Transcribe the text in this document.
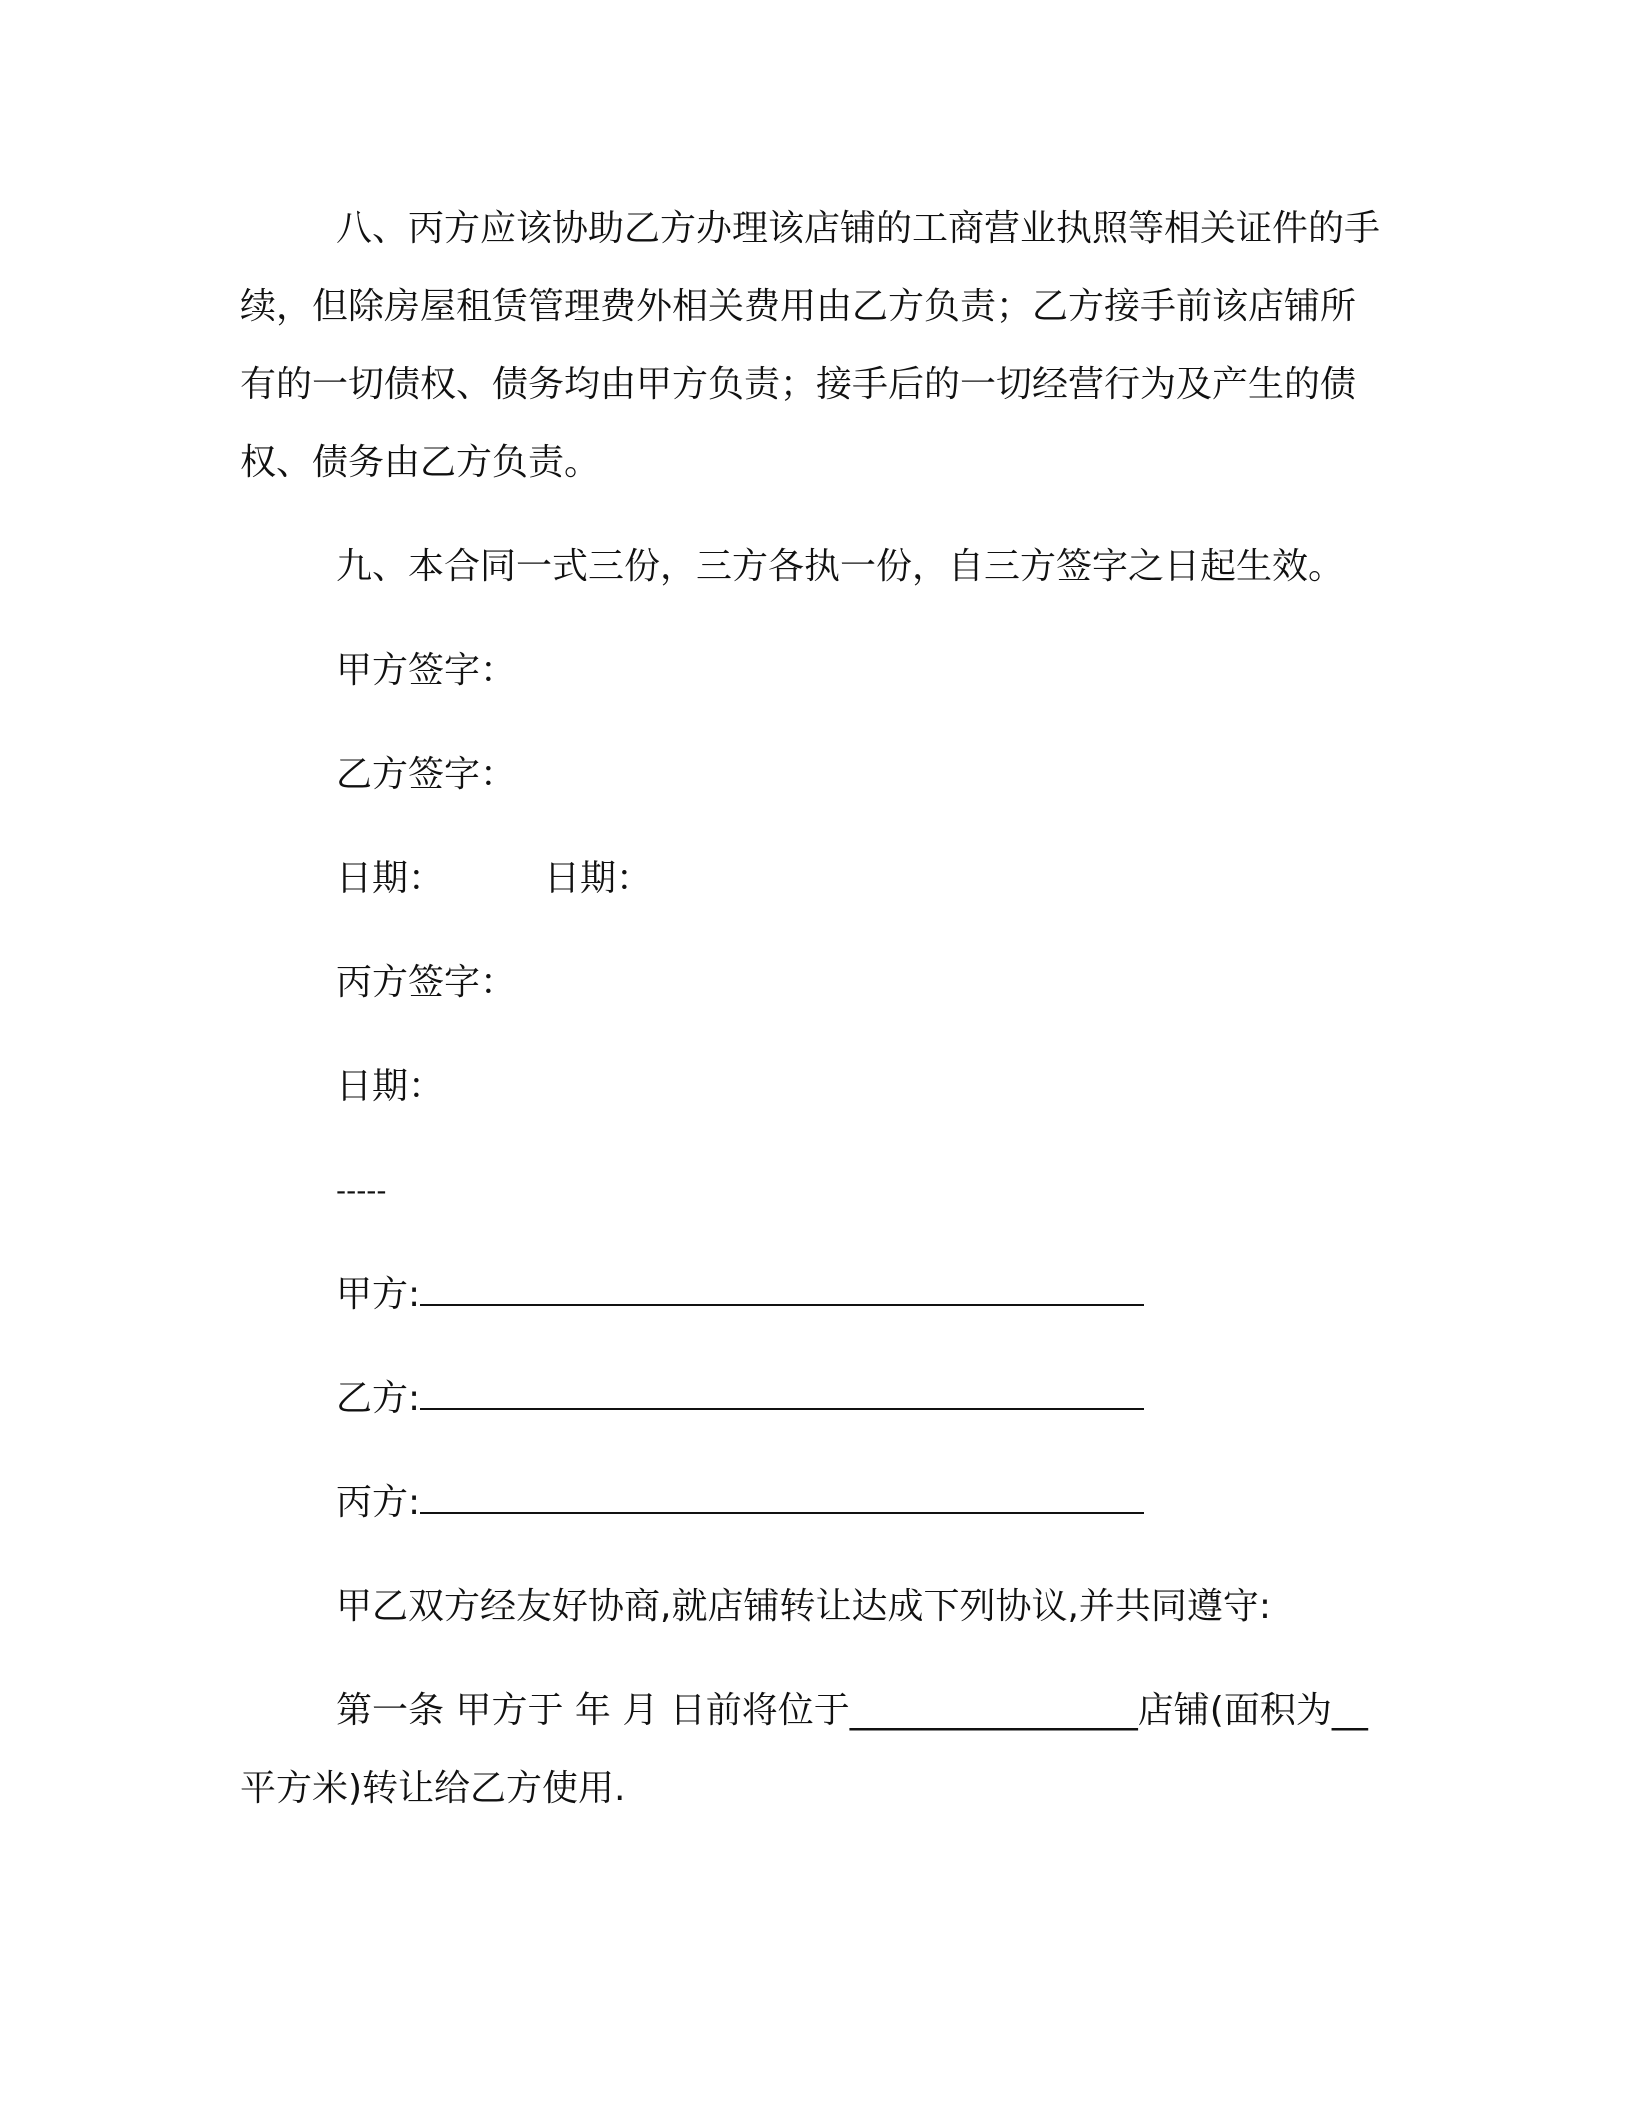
八、丙方应该协助乙方办理该店铺的工商营业执照等相关证件的手续，但除房屋租赁管理费外相关费用由乙方负责；乙方接手前该店铺所有的一切债权、债务均由甲方负责；接手后的一切经营行为及产生的债权、债务由乙方负责。

九、本合同一式三份，三方各执一份，自三方签字之日起生效。

甲方签字：
乙方签字：
日期：	日期：
丙方签字：
日期：
-----
甲方:
乙方:
丙方:

甲乙双方经友好协商,就店铺转让达成下列协议,并共同遵守:

第一条 甲方于 年 月 日前将位于________________店铺(面积为__平方米)转让给乙方使用.
